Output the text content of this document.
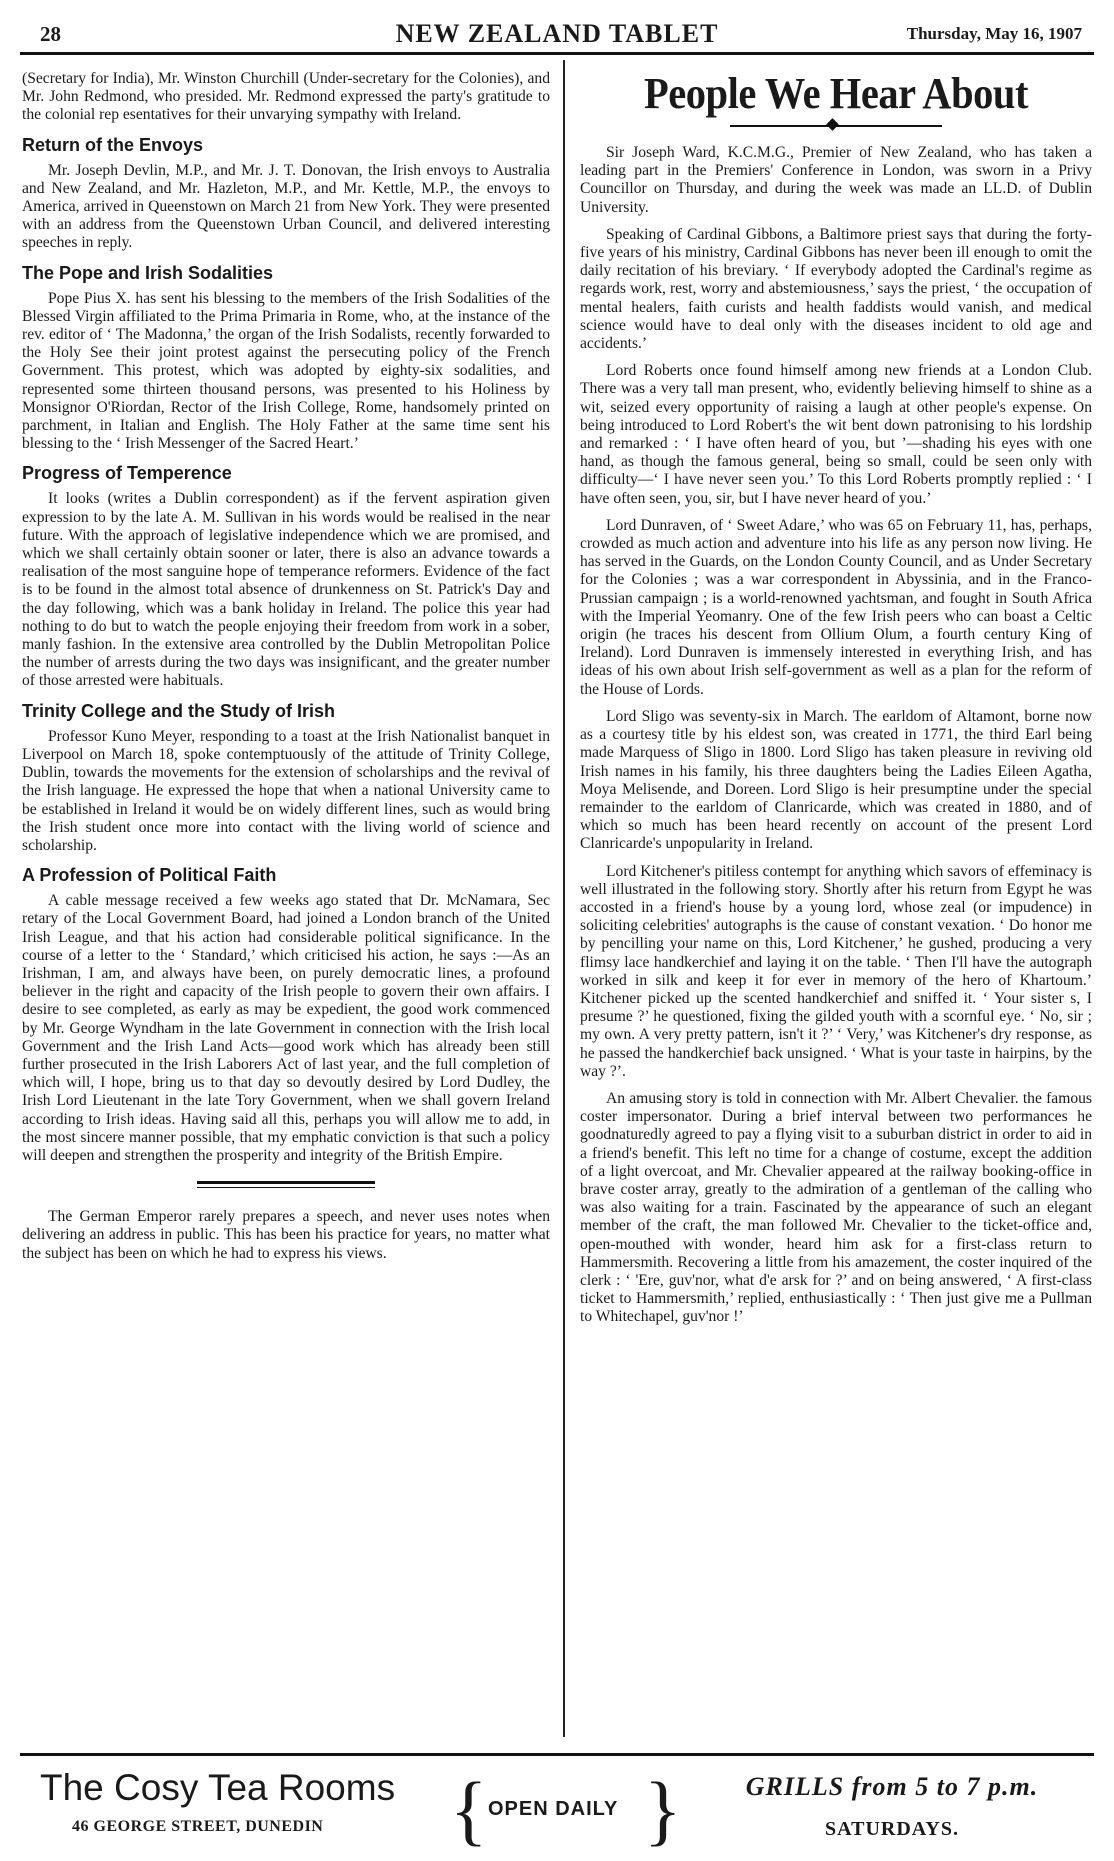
28	NEW ZEALAND TABLET	Thursday, May 16, 1907

(Secretary for India), Mr. Winston Churchill (Under-secretary for the Colonies), and Mr. John Redmond, who presided. Mr. Redmond expressed the party's gratitude to the colonial rep esentatives for their unvarying sympathy with Ireland.

Return of the Envoys

Mr. Joseph Devlin, M.P., and Mr. J. T. Donovan, the Irish envoys to Australia and New Zealand, and Mr. Hazleton, M.P., and Mr. Kettle, M.P., the envoys to America, arrived in Queenstown on March 21 from New York. They were presented with an address from the Queenstown Urban Council, and delivered interesting speeches in reply.

The Pope and Irish Sodalities

Pope Pius X. has sent his blessing to the members of the Irish Sodalities of the Blessed Virgin affiliated to the Prima Primaria in Rome, who, at the instance of the rev. editor of ‘ The Madonna,’ the organ of the Irish Sodalists, recently forwarded to the Holy See their joint protest against the persecuting policy of the French Government. This protest, which was adopted by eighty-six sodalities, and represented some thirteen thousand persons, was presented to his Holiness by Monsignor O'Riordan, Rector of the Irish College, Rome, handsomely printed on parchment, in Italian and English. The Holy Father at the same time sent his blessing to the ‘ Irish Messenger of the Sacred Heart.’

Progress of Temperence

It looks (writes a Dublin correspondent) as if the fervent aspiration given expression to by the late A. M. Sullivan in his words would be realised in the near future. With the approach of legislative independence which we are promised, and which we shall certainly obtain sooner or later, there is also an advance towards a realisation of the most sanguine hope of temperance reformers. Evidence of the fact is to be found in the almost total absence of drunkenness on St. Patrick's Day and the day following, which was a bank holiday in Ireland. The police this year had nothing to do but to watch the people enjoying their freedom from work in a sober, manly fashion. In the extensive area controlled by the Dublin Metropolitan Police the number of arrests during the two days was insignificant, and the greater number of those arrested were habituals.

Trinity College and the Study of Irish

Professor Kuno Meyer, responding to a toast at the Irish Nationalist banquet in Liverpool on March 18, spoke contemptuously of the attitude of Trinity College, Dublin, towards the movements for the extension of scholarships and the revival of the Irish language. He expressed the hope that when a national University came to be established in Ireland it would be on widely different lines, such as would bring the Irish student once more into contact with the living world of science and scholarship.

A Profession of Political Faith

A cable message received a few weeks ago stated that Dr. McNamara, Sec retary of the Local Government Board, had joined a London branch of the United Irish League, and that his action had considerable political significance. In the course of a letter to the ‘ Standard,’ which criticised his action, he says :—As an Irishman, I am, and always have been, on purely democratic lines, a profound believer in the right and capacity of the Irish people to govern their own affairs. I desire to see completed, as early as may be expedient, the good work commenced by Mr. George Wyndham in the late Government in connection with the Irish local Government and the Irish Land Acts—good work which has already been still further prosecuted in the Irish Laborers Act of last year, and the full completion of which will, I hope, bring us to that day so devoutly desired by Lord Dudley, the Irish Lord Lieutenant in the late Tory Government, when we shall govern Ireland according to Irish ideas. Having said all this, perhaps you will allow me to add, in the most sincere manner possible, that my emphatic conviction is that such a policy will deepen and strengthen the prosperity and integrity of the British Empire.

The German Emperor rarely prepares a speech, and never uses notes when delivering an address in public. This has been his practice for years, no matter what the subject has been on which he had to express his views.

People We Hear About

Sir Joseph Ward, K.C.M.G., Premier of New Zealand, who has taken a leading part in the Premiers' Conference in London, was sworn in a Privy Councillor on Thursday, and during the week was made an LL.D. of Dublin University.

Speaking of Cardinal Gibbons, a Baltimore priest says that during the forty-five years of his ministry, Cardinal Gibbons has never been ill enough to omit the daily recitation of his breviary. ‘ If everybody adopted the Cardinal's regime as regards work, rest, worry and abstemiousness,’ says the priest, ‘ the occupation of mental healers, faith curists and health faddists would vanish, and medical science would have to deal only with the diseases incident to old age and accidents.’

Lord Roberts once found himself among new friends at a London Club. There was a very tall man present, who, evidently believing himself to shine as a wit, seized every opportunity of raising a laugh at other people's expense. On being introduced to Lord Robert's the wit bent down patronising to his lordship and remarked : ‘ I have often heard of you, but ’—shading his eyes with one hand, as though the famous general, being so small, could be seen only with difficulty—‘ I have never seen you.’ To this Lord Roberts promptly replied : ‘ I have often seen, you, sir, but I have never heard of you.’

Lord Dunraven, of ‘ Sweet Adare,’ who was 65 on February 11, has, perhaps, crowded as much action and adventure into his life as any person now living. He has served in the Guards, on the London County Council, and as Under Secretary for the Colonies ; was a war correspondent in Abyssinia, and in the Franco-Prussian campaign ; is a world-renowned yachtsman, and fought in South Africa with the Imperial Yeomanry. One of the few Irish peers who can boast a Celtic origin (he traces his descent from Ollium Olum, a fourth century King of Ireland). Lord Dunraven is immensely interested in everything Irish, and has ideas of his own about Irish self-government as well as a plan for the reform of the House of Lords.

Lord Sligo was seventy-six in March. The earldom of Altamont, borne now as a courtesy title by his eldest son, was created in 1771, the third Earl being made Marquess of Sligo in 1800. Lord Sligo has taken pleasure in reviving old Irish names in his family, his three daughters being the Ladies Eileen Agatha, Moya Melisende, and Doreen. Lord Sligo is heir presumptine under the special remainder to the earldom of Clanricarde, which was created in 1880, and of which so much has been heard recently on account of the present Lord Clanricarde's unpopularity in Ireland.

Lord Kitchener's pitiless contempt for anything which savors of effeminacy is well illustrated in the following story. Shortly after his return from Egypt he was accosted in a friend's house by a young lord, whose zeal (or impudence) in soliciting celebrities' autographs is the cause of constant vexation. ‘ Do honor me by pencilling your name on this, Lord Kitchener,’ he gushed, producing a very flimsy lace handkerchief and laying it on the table. ‘ Then I'll have the autograph worked in silk and keep it for ever in memory of the hero of Khartoum.’ Kitchener picked up the scented handkerchief and sniffed it. ‘ Your sister s, I presume ?’ he questioned, fixing the gilded youth with a scornful eye. ‘ No, sir ; my own. A very pretty pattern, isn't it ?’ ‘ Very,’ was Kitchener's dry response, as he passed the handkerchief back unsigned. ‘ What is your taste in hairpins, by the way ?’.

An amusing story is told in connection with Mr. Albert Chevalier. the famous coster impersonator. During a brief interval between two performances he goodnaturedly agreed to pay a flying visit to a suburban district in order to aid in a friend's benefit. This left no time for a change of costume, except the addition of a light overcoat, and Mr. Chevalier appeared at the railway booking-office in brave coster array, greatly to the admiration of a gentleman of the calling who was also waiting for a train. Fascinated by the appearance of such an elegant member of the craft, the man followed Mr. Chevalier to the ticket-office and, open-mouthed with wonder, heard him ask for a first-class return to Hammersmith. Recovering a little from his amazement, the coster inquired of the clerk : ‘ 'Ere, guv'nor, what d'e arsk for ?’ and on being answered, ‘ A first-class ticket to Hammersmith,’ replied, enthusiastically : ‘ Then just give me a Pullman to Whitechapel, guv'nor !’

The Cosy Tea Rooms
46 GEORGE STREET, DUNEDIN { OPEN DAILY }	GRILLS from 5 to 7 p.m.
SATURDAYS.
